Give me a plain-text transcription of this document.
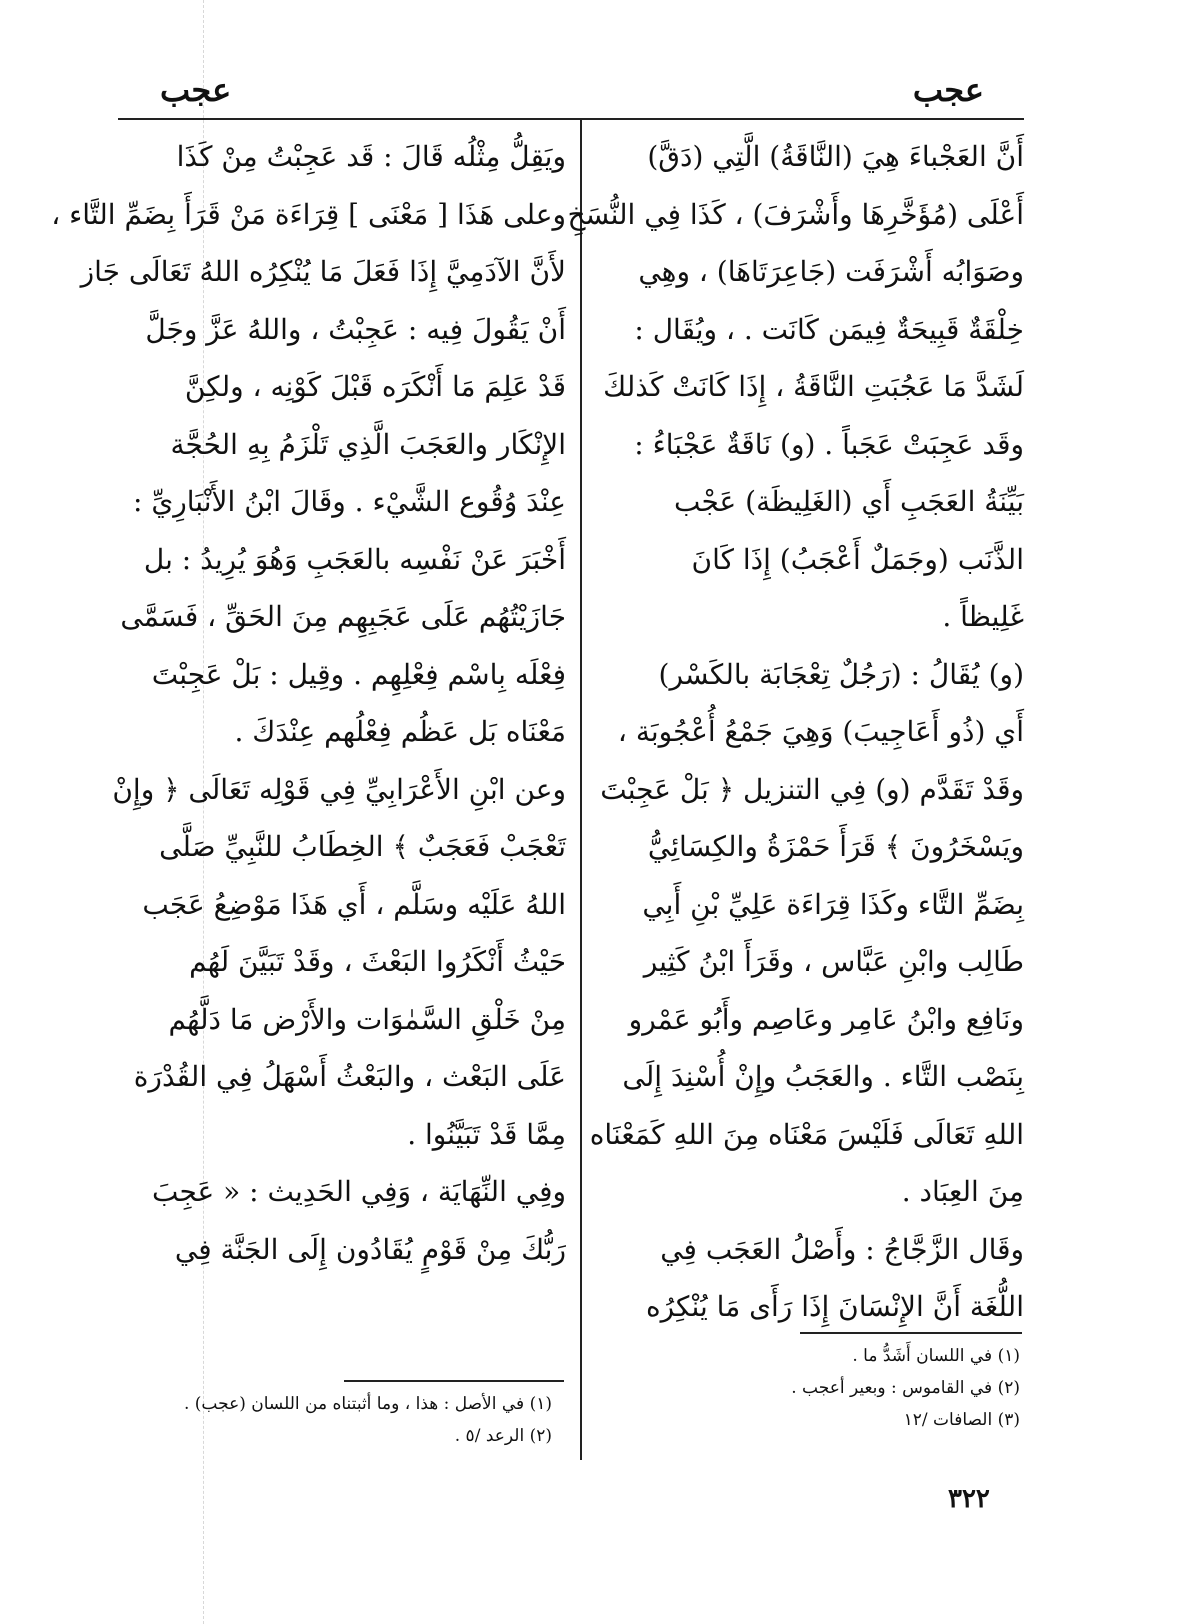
عجب
عجب
أَنَّ العَجْباءَ هِيَ (النَّاقَةُ) الَّتِي (دَقَّ)
أَعْلَى (مُؤَخَّرِهَا وأَشْرَفَ) ، كَذَا فِي النُّسَخِ
وصَوَابُه أَشْرَفَت (جَاعِرَتَاهَا) ، وهِي
خِلْقَةٌ قَبِيحَةٌ فِيمَن كَانَت . ، ويُقَال :
لَشَدَّ مَا عَجُبَتِ النَّاقَةُ ، إِذَا كَانَتْ كَذلكَ
وقَد عَجِبَتْ عَجَباً . (و) نَاقَةٌ عَجْبَاءُ :
بَيِّنَةُ العَجَبِ أَي (الغَلِيظَة) عَجْب
الذَّنَب (وجَمَلٌ أَعْجَبُ) إِذَا كَانَ
غَلِيظاً .
(و) يُقَالُ : (رَجُلٌ تِعْجَابَة بالكَسْر)
أَي (ذُو أَعَاجِيبَ) وَهِيَ جَمْعُ أُعْجُوبَة ،
وقَدْ تَقَدَّم (و) فِي التنزيل ﴿ بَلْ عَجِبْتَ
ويَسْخَرُونَ ﴾ قَرَأَ حَمْزَةُ والكِسَائِيُّ
بِضَمِّ التَّاء وكَذَا قِرَاءَة عَلِيِّ بْنِ أَبِي
طَالِب وابْنِ عَبَّاس ، وقَرَأَ ابْنُ كَثِير
ونَافِع وابْنُ عَامِر وعَاصِم وأَبُو عَمْرو
بِنَصْب التَّاء . والعَجَبُ وإِنْ أُسْنِدَ إِلَى
اللهِ تَعَالَى فَلَيْسَ مَعْنَاه مِنَ اللهِ كَمَعْنَاه
مِنَ العِبَاد .
وقَال الزَّجَّاجُ : وأَصْلُ العَجَب فِي
اللُّغَة أَنَّ الإِنْسَانَ إِذَا رَأَى مَا يُنْكِرُه
ويَقِلُّ مِثْلُه قَالَ : قَد عَجِبْتُ مِنْ كَذَا
وعلى هَذَا [ مَعْنَى ] قِرَاءَة مَنْ قَرَأَ بِضَمِّ التَّاء ،
لأَنَّ الآدَمِيَّ إِذَا فَعَلَ مَا يُنْكِرُه اللهُ تَعَالَى جَاز
أَنْ يَقُولَ فِيه : عَجِبْتُ ، واللهُ عَزَّ وجَلَّ
قَدْ عَلِمَ مَا أَنْكَرَه قَبْلَ كَوْنِه ، ولكِنَّ
الإِنْكَار والعَجَبَ الَّذِي تَلْزَمُ بِهِ الحُجَّة
عِنْدَ وُقُوع الشَّيْء . وقَالَ ابْنُ الأَنْبَارِيِّ :
أَخْبَرَ عَنْ نَفْسِه بالعَجَبِ وَهُوَ يُرِيدُ : بل
جَازَيْتُهُم عَلَى عَجَبِهِم مِنَ الحَقِّ ، فَسَمَّى
فِعْلَه بِاسْم فِعْلِهِم . وقِيل : بَلْ عَجِبْتَ
مَعْنَاه بَل عَظُم فِعْلُهم عِنْدَكَ .
وعن ابْنِ الأَعْرَابِيِّ فِي قَوْلِه تَعَالَى ﴿ وإِنْ
تَعْجَبْ فَعَجَبٌ ﴾ الخِطَابُ للنَّبِيِّ صَلَّى
اللهُ عَلَيْه وسَلَّم ، أَي هَذَا مَوْضِعُ عَجَب
حَيْثُ أَنْكَرُوا البَعْثَ ، وقَدْ تَبَيَّنَ لَهُم
مِنْ خَلْقِ السَّمٰوَات والأَرْض مَا دَلَّهُم
عَلَى البَعْث ، والبَعْثُ أَسْهَلُ فِي القُدْرَة
مِمَّا قَدْ تَبَيَّنُوا .
وفِي النِّهَايَة ، وَفِي الحَدِيث : « عَجِبَ
رَبُّكَ مِنْ قَوْمٍ يُقَادُون إِلَى الجَنَّة فِي
(١) في اللسان أَشَدُّ ما .
(٢) في القاموس : وبعير أعجب .
(٣) الصافات /١٢
(١) في الأصل : هذا ، وما أثبتناه من اللسان (عجب) .
(٢) الرعد /٥ .
٣٢٢
